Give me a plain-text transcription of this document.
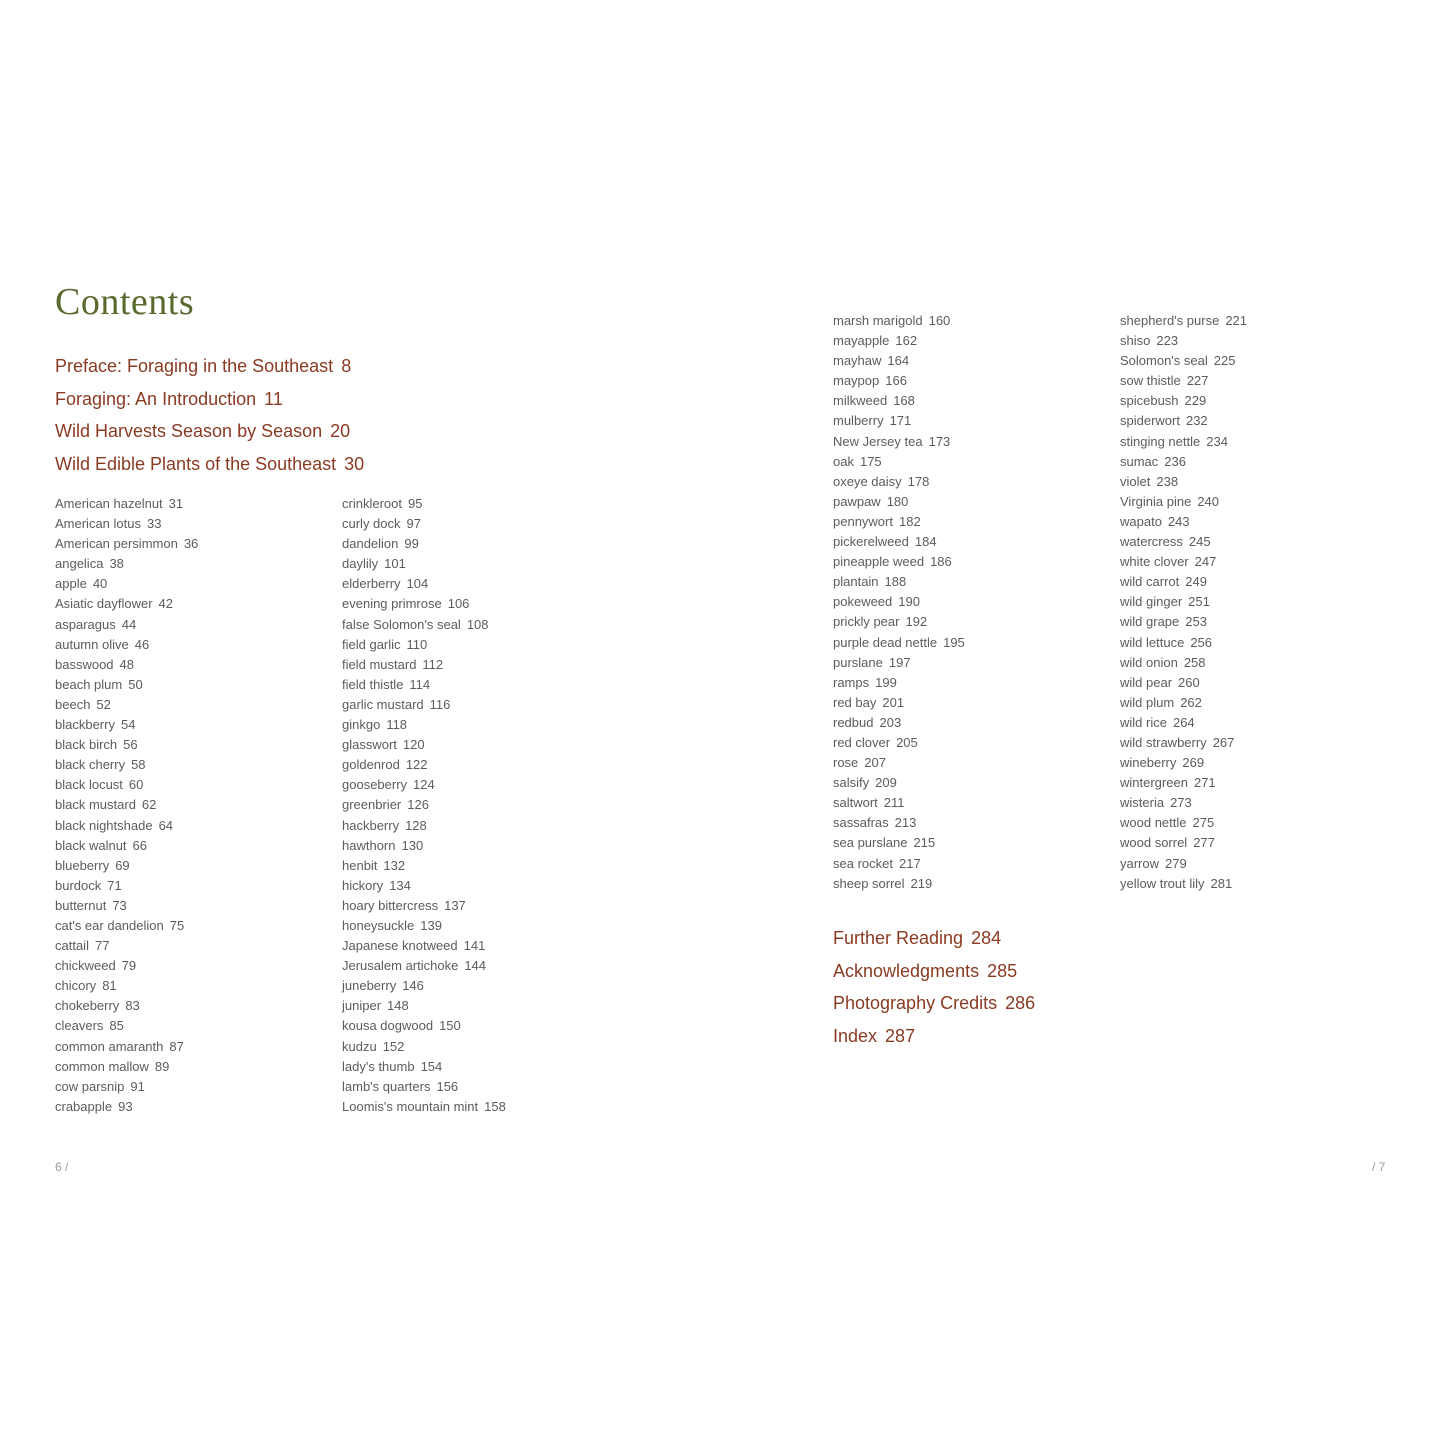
Contents
Preface: Foraging in the Southeast 8
Foraging: An Introduction 11
Wild Harvests Season by Season 20
Wild Edible Plants of the Southeast 30
American hazelnut 31
American lotus 33
American persimmon 36
angelica 38
apple 40
Asiatic dayflower 42
asparagus 44
autumn olive 46
basswood 48
beach plum 50
beech 52
blackberry 54
black birch 56
black cherry 58
black locust 60
black mustard 62
black nightshade 64
black walnut 66
blueberry 69
burdock 71
butternut 73
cat's ear dandelion 75
cattail 77
chickweed 79
chicory 81
chokeberry 83
cleavers 85
common amaranth 87
common mallow 89
cow parsnip 91
crabapple 93
crinkleroot 95
curly dock 97
dandelion 99
daylily 101
elderberry 104
evening primrose 106
false Solomon's seal 108
field garlic 110
field mustard 112
field thistle 114
garlic mustard 116
ginkgo 118
glasswort 120
goldenrod 122
gooseberry 124
greenbrier 126
hackberry 128
hawthorn 130
henbit 132
hickory 134
hoary bittercress 137
honeysuckle 139
Japanese knotweed 141
Jerusalem artichoke 144
juneberry 146
juniper 148
kousa dogwood 150
kudzu 152
lady's thumb 154
lamb's quarters 156
Loomis's mountain mint 158
marsh marigold 160
mayapple 162
mayhaw 164
maypop 166
milkweed 168
mulberry 171
New Jersey tea 173
oak 175
oxeye daisy 178
pawpaw 180
pennywort 182
pickerelweed 184
pineapple weed 186
plantain 188
pokeweed 190
prickly pear 192
purple dead nettle 195
purslane 197
ramps 199
red bay 201
redbud 203
red clover 205
rose 207
salsify 209
saltwort 211
sassafras 213
sea purslane 215
sea rocket 217
sheep sorrel 219
shepherd's purse 221
shiso 223
Solomon's seal 225
sow thistle 227
spicebush 229
spiderwort 232
stinging nettle 234
sumac 236
violet 238
Virginia pine 240
wapato 243
watercress 245
white clover 247
wild carrot 249
wild ginger 251
wild grape 253
wild lettuce 256
wild onion 258
wild pear 260
wild plum 262
wild rice 264
wild strawberry 267
wineberry 269
wintergreen 271
wisteria 273
wood nettle 275
wood sorrel 277
yarrow 279
yellow trout lily 281
Further Reading 284
Acknowledgments 285
Photography Credits 286
Index 287
6 /	/ 7
